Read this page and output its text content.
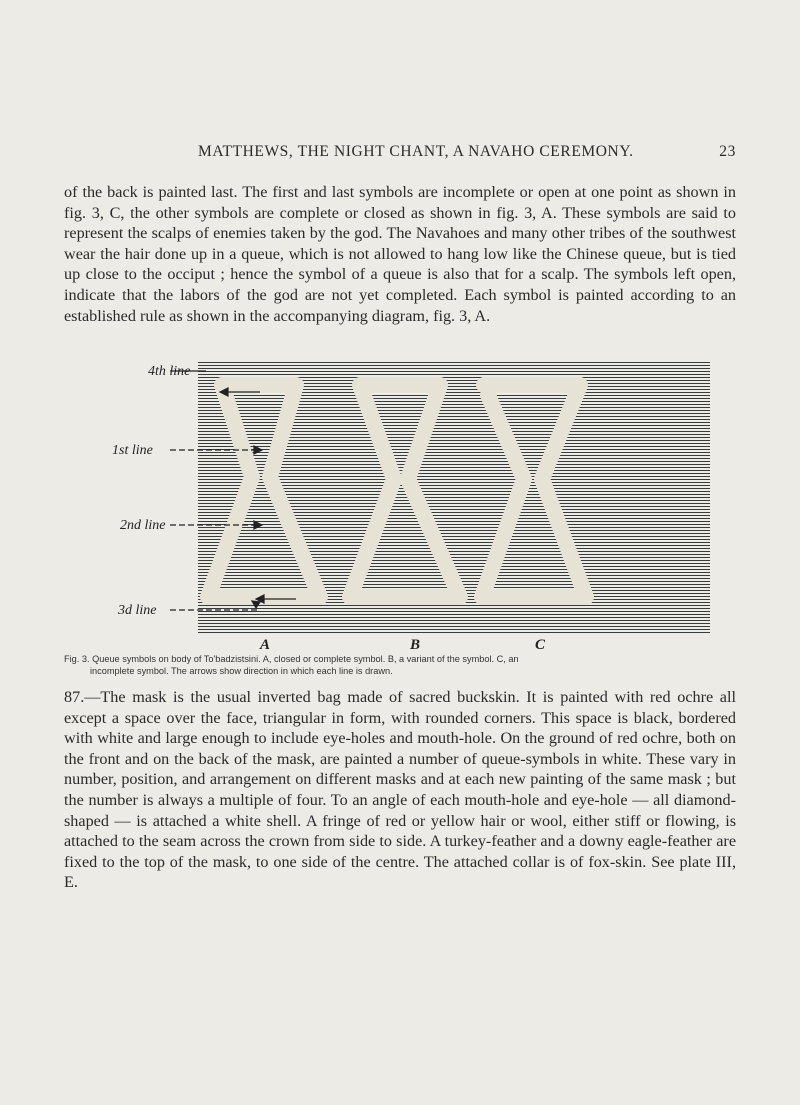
MATTHEWS, THE NIGHT CHANT, A NAVAHO CEREMONY.	23

of the back is painted last. The first and last symbols are incomplete or open at one point as shown in fig. 3, C, the other symbols are complete or closed as shown in fig. 3, A. These symbols are said to represent the scalps of enemies taken by the god. The Navahoes and many other tribes of the southwest wear the hair done up in a queue, which is not allowed to hang low like the Chinese queue, but is tied up close to the occiput ; hence the symbol of a queue is also that for a scalp. The symbols left open, indicate that the labors of the god are not yet completed. Each symbol is painted according to an established rule as shown in the accompanying diagram, fig. 3, A.

4th line
1st line
2nd line
3d line
A	B	C
Fig. 3. Queue symbols on body of To'badzistsini. A, closed or complete symbol. B, a variant of the symbol. C, an
incomplete symbol. The arrows show direction in which each line is drawn.

87.—The mask is the usual inverted bag made of sacred buckskin. It is painted with red ochre all except a space over the face, triangular in form, with rounded corners. This space is black, bordered with white and large enough to include eye-holes and mouth-hole. On the ground of red ochre, both on the front and on the back of the mask, are painted a number of queue-symbols in white. These vary in number, position, and arrangement on different masks and at each new painting of the same mask ; but the number is always a multiple of four. To an angle of each mouth-hole and eye-hole — all diamond-shaped — is attached a white shell. A fringe of red or yellow hair or wool, either stiff or flowing, is attached to the seam across the crown from side to side. A turkey-feather and a downy eagle-feather are fixed to the top of the mask, to one side of the centre. The attached collar is of fox-skin. See plate III, E.
